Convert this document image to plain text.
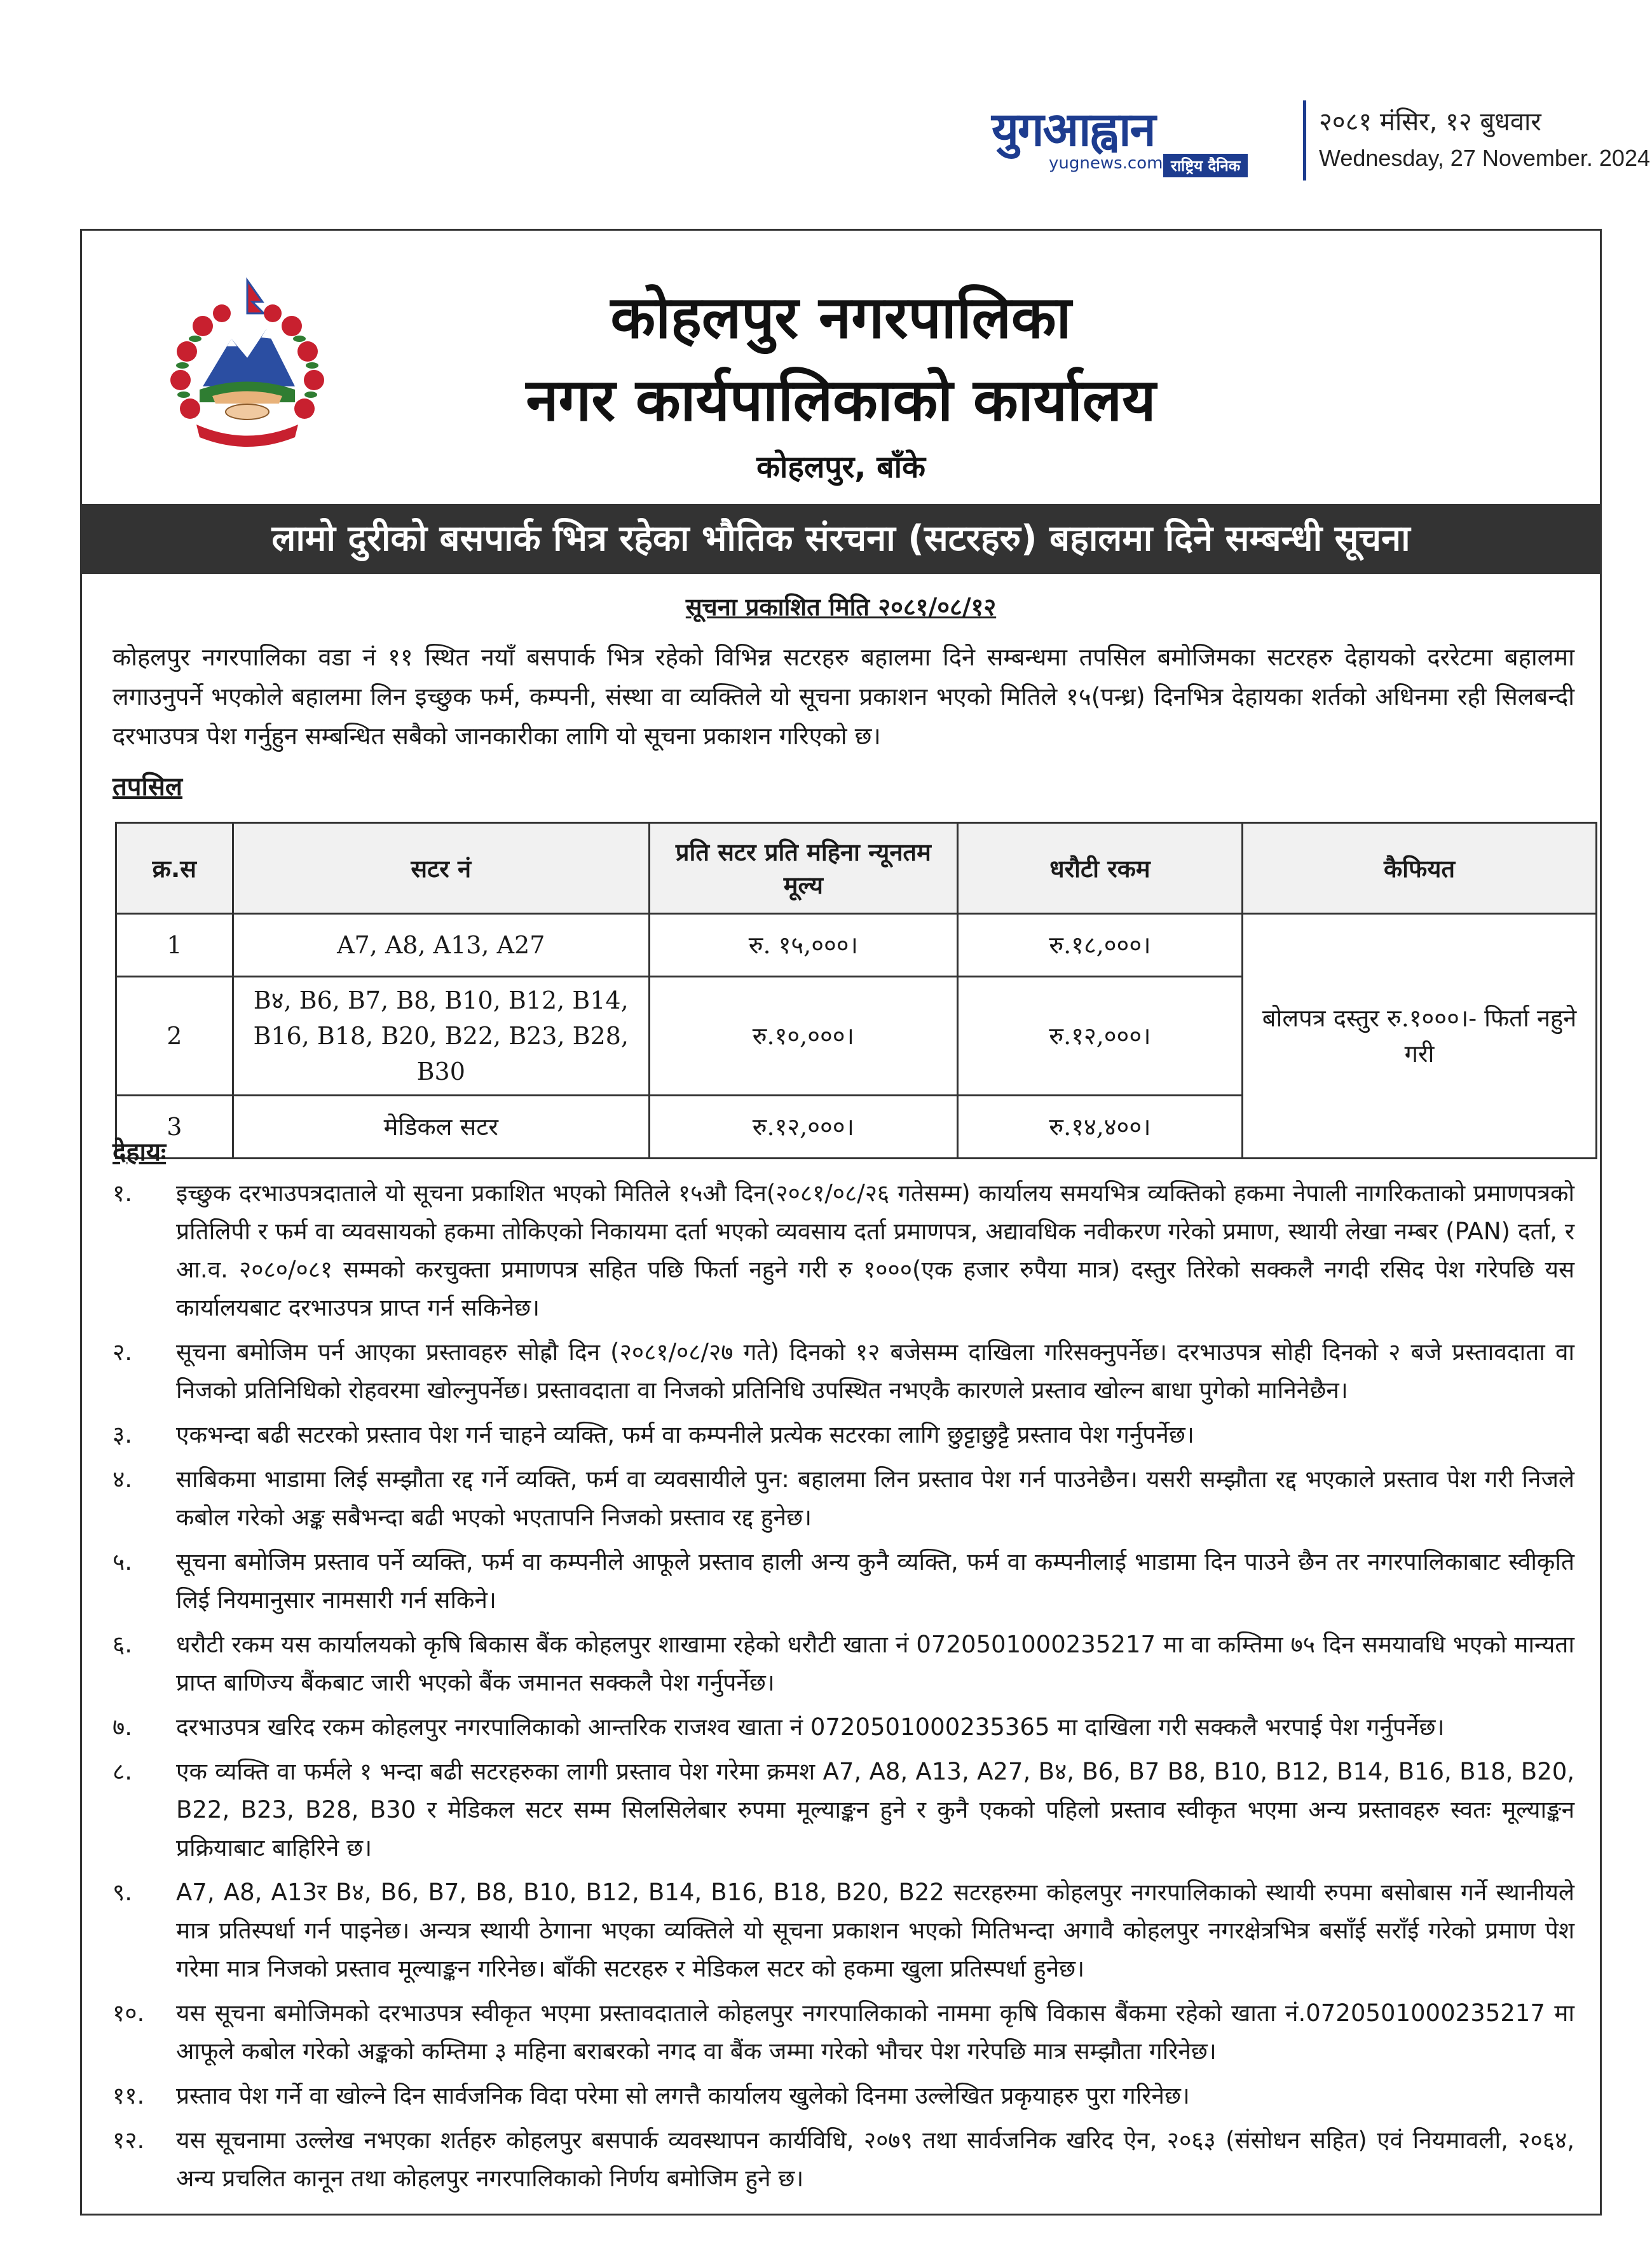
युगआह्वान
yugnews.com राष्ट्रिय दैनिक
२०८१ मंसिर, १२ बुधवार
Wednesday, 27 November. 2024
कोहलपुर नगरपालिका
नगर कार्यपालिकाको कार्यालय
कोहलपुर, बाँके
लामो दुरीको बसपार्क भित्र रहेका भौतिक संरचना (सटरहरु) बहालमा दिने सम्बन्धी सूचना
सूचना प्रकाशित मिति २०८१/०८/१२
कोहलपुर नगरपालिका वडा नं ११ स्थित नयाँ बसपार्क भित्र रहेको विभिन्न सटरहरु बहालमा दिने सम्बन्धमा तपसिल बमोजिमका सटरहरु देहायको दररेटमा बहालमा लगाउनुपर्ने भएकोले बहालमा लिन इच्छुक फर्म, कम्पनी, संस्था वा व्यक्तिले यो सूचना प्रकाशन भएको मितिले १५(पन्ध्र) दिनभित्र देहायका शर्तको अधिनमा रही सिलबन्दी दरभाउपत्र पेश गर्नुहुन सम्बन्धित सबैको जानकारीका लागि यो सूचना प्रकाशन गरिएको छ।
तपसिल
क्र.स	सटर नं	प्रति सटर प्रति महिना न्यूनतम मूल्य	धरौटी रकम	कैफियत
1	A7, A8, A13, A27	रु. १५,०००।	रु.१८,०००।	बोलपत्र दस्तुर रु.१०००।- फिर्ता नहुने गरी
2	B४, B6, B7, B8, B10, B12, B14, B16, B18, B20, B22, B23, B28, B30	रु.१०,०००।	रु.१२,०००।	
3	मेडिकल सटर	रु.१२,०००।	रु.१४,४००।	
देहायः
१.	इच्छुक दरभाउपत्रदाताले यो सूचना प्रकाशित भएको मितिले १५औ दिन(२०८१/०८/२६ गतेसम्म) कार्यालय समयभित्र व्यक्तिको हकमा नेपाली नागरिकताको प्रमाणपत्रको प्रतिलिपी र फर्म वा व्यवसायको हकमा तोकिएको निकायमा दर्ता भएको व्यवसाय दर्ता प्रमाणपत्र, अद्यावधिक नवीकरण गरेको प्रमाण, स्थायी लेखा नम्बर (PAN) दर्ता, र आ.व. २०८०/०८१ सम्मको करचुक्ता प्रमाणपत्र सहित पछि फिर्ता नहुने गरी रु १०००(एक हजार रुपैया मात्र) दस्तुर तिरेको सक्कलै नगदी रसिद पेश गरेपछि यस कार्यालयबाट दरभाउपत्र प्राप्त गर्न सकिनेछ।
२.	सूचना बमोजिम पर्न आएका प्रस्तावहरु सोह्रौ दिन (२०८१/०८/२७ गते) दिनको १२ बजेसम्म दाखिला गरिसक्नुपर्नेछ। दरभाउपत्र सोही दिनको २ बजे प्रस्तावदाता वा निजको प्रतिनिधिको रोहवरमा खोल्नुपर्नेछ। प्रस्तावदाता वा निजको प्रतिनिधि उपस्थित नभएकै कारणले प्रस्ताव खोल्न बाधा पुगेको मानिनेछैन।
३.	एकभन्दा बढी सटरको प्रस्ताव पेश गर्न चाहने व्यक्ति, फर्म वा कम्पनीले प्रत्येक सटरका लागि छुट्टाछुट्टै प्रस्ताव पेश गर्नुपर्नेछ।
४.	साबिकमा भाडामा लिई सम्झौता रद्द गर्ने व्यक्ति, फर्म वा व्यवसायीले पुन: बहालमा लिन प्रस्ताव पेश गर्न पाउनेछैन। यसरी सम्झौता रद्द भएकाले प्रस्ताव पेश गरी निजले कबोल गरेको अङ्क सबैभन्दा बढी भएको भएतापनि निजको प्रस्ताव रद्द हुनेछ।
५.	सूचना बमोजिम प्रस्ताव पर्ने व्यक्ति, फर्म वा कम्पनीले आफूले प्रस्ताव हाली अन्य कुनै व्यक्ति, फर्म वा कम्पनीलाई भाडामा दिन पाउने छैन तर नगरपालिकाबाट स्वीकृति लिई नियमानुसार नामसारी गर्न सकिने।
६.	धरौटी रकम यस कार्यालयको कृषि बिकास बैंक कोहलपुर शाखामा रहेको धरौटी खाता नं 0720501000235217 मा वा कम्तिमा ७५ दिन समयावधि भएको मान्यता प्राप्त बाणिज्य बैंकबाट जारी भएको बैंक जमानत सक्कलै पेश गर्नुपर्नेछ।
७.	दरभाउपत्र खरिद रकम कोहलपुर नगरपालिकाको आन्तरिक राजश्व खाता नं 0720501000235365 मा दाखिला गरी सक्कलै भरपाई पेश गर्नुपर्नेछ।
८.	एक व्यक्ति वा फर्मले १ भन्दा बढी सटरहरुका लागी प्रस्ताव पेश गरेमा क्रमश A7, A8, A13, A27, B४, B6, B7 B8, B10, B12, B14, B16, B18, B20, B22, B23, B28, B30 र मेडिकल सटर सम्म सिलसिलेबार रुपमा मूल्याङ्कन हुने र कुनै एकको पहिलो प्रस्ताव स्वीकृत भएमा अन्य प्रस्तावहरु स्वतः मूल्याङ्कन प्रक्रियाबाट बाहिरिने छ।
९.	A7, A8, A13र B४, B6, B7, B8, B10, B12, B14, B16, B18, B20, B22 सटरहरुमा कोहलपुर नगरपालिकाको स्थायी रुपमा बसोबास गर्ने स्थानीयले मात्र प्रतिस्पर्धा गर्न पाइनेछ। अन्यत्र स्थायी ठेगाना भएका व्यक्तिले यो सूचना प्रकाशन भएको मितिभन्दा अगावै कोहलपुर नगरक्षेत्रभित्र बसाँई सराँई गरेको प्रमाण पेश गरेमा मात्र निजको प्रस्ताव मूल्याङ्कन गरिनेछ। बाँकी सटरहरु र मेडिकल सटर को हकमा खुला प्रतिस्पर्धा हुनेछ।
१०.	यस सूचना बमोजिमको दरभाउपत्र स्वीकृत भएमा प्रस्तावदाताले कोहलपुर नगरपालिकाको नाममा कृषि विकास बैंकमा रहेको खाता नं.0720501000235217 मा आफूले कबोल गरेको अङ्कको कम्तिमा ३ महिना बराबरको नगद वा बैंक जम्मा गरेको भौचर पेश गरेपछि मात्र सम्झौता गरिनेछ।
११.	प्रस्ताव पेश गर्ने वा खोल्ने दिन सार्वजनिक विदा परेमा सो लगत्तै कार्यालय खुलेको दिनमा उल्लेखित प्रकृयाहरु पुरा गरिनेछ।
१२.	यस सूचनामा उल्लेख नभएका शर्तहरु कोहलपुर बसपार्क व्यवस्थापन कार्यविधि, २०७९ तथा सार्वजनिक खरिद ऐन, २०६३ (संसोधन सहित) एवं नियमावली, २०६४, अन्य प्रचलित कानून तथा कोहलपुर नगरपालिकाको निर्णय बमोजिम हुने छ।
